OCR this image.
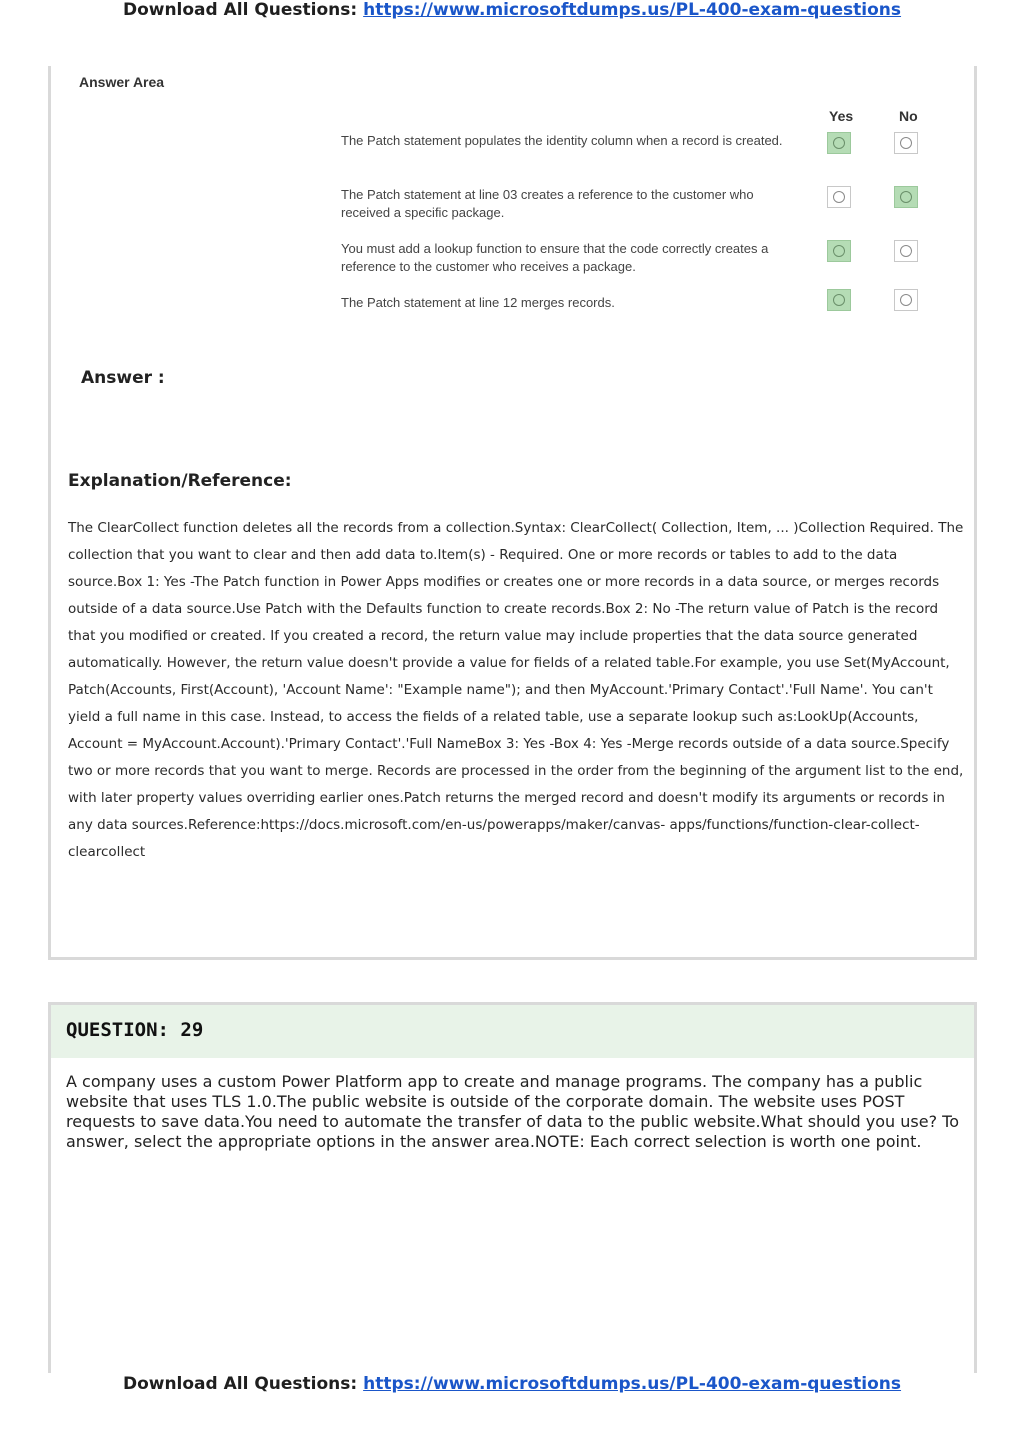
Download All Questions: https://www.microsoftdumps.us/PL-400-exam-questions
Answer Area
Yes	No
The Patch statement populates the identity column when a record is created.
The Patch statement at line 03 creates a reference to the customer who received a specific package.
You must add a lookup function to ensure that the code correctly creates a reference to the customer who receives a package.
The Patch statement at line 12 merges records.
Answer :
Explanation/Reference:
The ClearCollect function deletes all the records from a collection.Syntax: ClearCollect( Collection, Item, ... )Collection Required. The collection that you want to clear and then add data to.Item(s) - Required. One or more records or tables to add to the data source.Box 1: Yes -The Patch function in Power Apps modifies or creates one or more records in a data source, or merges records outside of a data source.Use Patch with the Defaults function to create records.Box 2: No -The return value of Patch is the record that you modified or created. If you created a record, the return value may include properties that the data source generated automatically. However, the return value doesn't provide a value for fields of a related table.For example, you use Set(MyAccount, Patch(Accounts, First(Account), 'Account Name': "Example name"); and then MyAccount.'Primary Contact'.'Full Name'. You can't yield a full name in this case. Instead, to access the fields of a related table, use a separate lookup such as:LookUp(Accounts, Account = MyAccount.Account).'Primary Contact'.'Full NameBox 3: Yes -Box 4: Yes -Merge records outside of a data source.Specify two or more records that you want to merge. Records are processed in the order from the beginning of the argument list to the end, with later property values overriding earlier ones.Patch returns the merged record and doesn't modify its arguments or records in any data sources.Reference:https://docs.microsoft.com/en-us/powerapps/maker/canvas- apps/functions/function-clear-collect-clearcollect
QUESTION: 29
A company uses a custom Power Platform app to create and manage programs. The company has a public website that uses TLS 1.0.The public website is outside of the corporate domain. The website uses POST requests to save data.You need to automate the transfer of data to the public website.What should you use? To answer, select the appropriate options in the answer area.NOTE: Each correct selection is worth one point.
Download All Questions: https://www.microsoftdumps.us/PL-400-exam-questions
